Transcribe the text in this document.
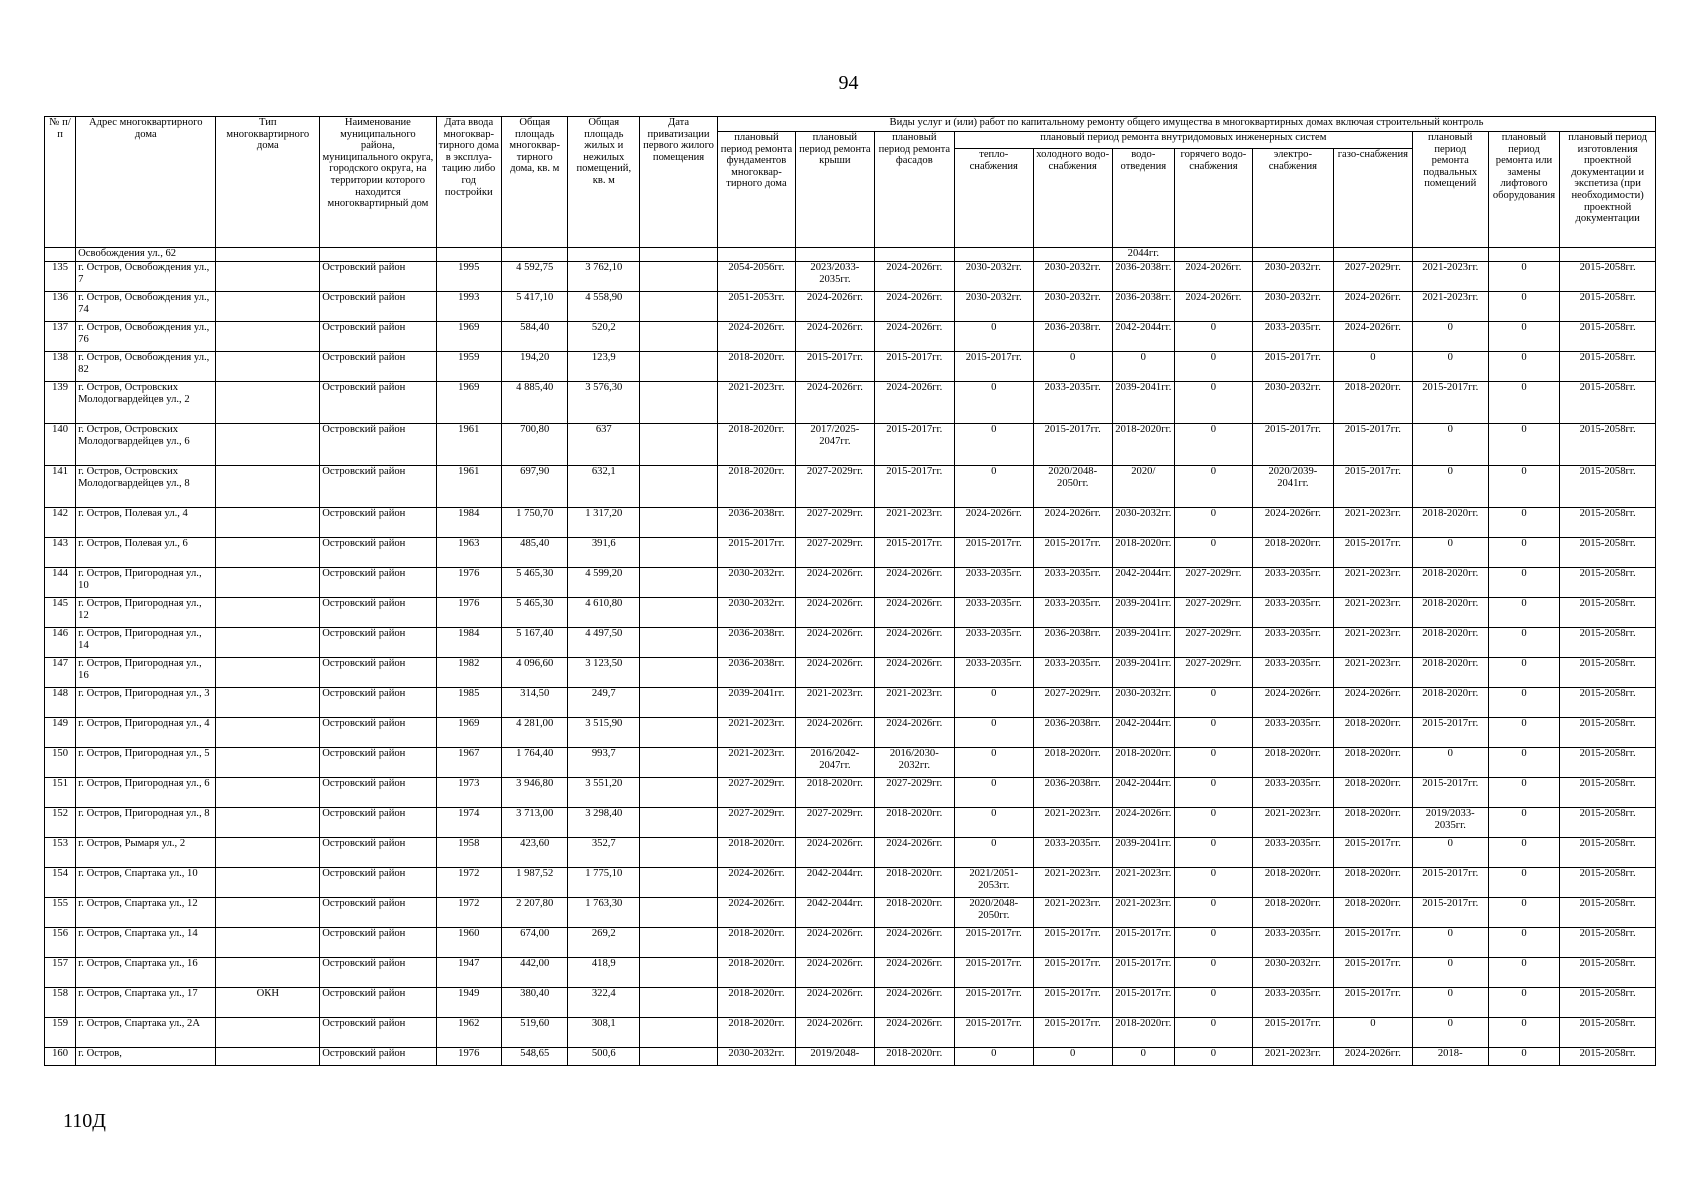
94
№ п/п	Адрес многоквартирного дома	Тип многоквартирного дома	Наименование муниципального района, муниципального округа, городского округа, на территории которого находится многоквартирный дом	Дата ввода многоквар-тирного дома в эксплуа-тацию либо год постройки	Общая площадь многоквар-тирного дома, кв. м	Общая площадь жилых и нежилых помещений, кв. м	Дата приватизации первого жилого помещения	Виды услуг и (или) работ по капитальному ремонту общего имущества в многоквартирных домах включая строительный контроль											
								плановый период ремонта фундаментов многоквар-тирного дома	плановый период ремонта крыши	плановый период ремонта фасадов	плановый период ремонта внутридомовых инженерных систем						плановый период ремонта подвальных помещений	плановый период ремонта или замены лифтового оборудования	плановый период изготовления проектной документации и экспетиза (при необходимости) проектной документации
											тепло-снабжения	холодного водо-снабжения	водо-отведения	горячего водо-снабжения	электро-снабжения	газо-снабжения			
	Освобождения ул., 62												2044гг.						
135	г. Остров, Освобождения ул., 7		Островский район	1995	4 592,75	3 762,10		2054-2056гг.	2023/2033-2035гг.	2024-2026гг.	2030-2032гг.	2030-2032гг.	2036-2038гг.	2024-2026гг.	2030-2032гг.	2027-2029гг.	2021-2023гг.	0	2015-2058гг.
136	г. Остров, Освобождения ул., 74		Островский район	1993	5 417,10	4 558,90		2051-2053гг.	2024-2026гг.	2024-2026гг.	2030-2032гг.	2030-2032гг.	2036-2038гг.	2024-2026гг.	2030-2032гг.	2024-2026гг.	2021-2023гг.	0	2015-2058гг.
137	г. Остров, Освобождения ул., 76		Островский район	1969	584,40	520,2		2024-2026гг.	2024-2026гг.	2024-2026гг.	0	2036-2038гг.	2042-2044гг.	0	2033-2035гг.	2024-2026гг.	0	0	2015-2058гг.
138	г. Остров, Освобождения ул., 82		Островский район	1959	194,20	123,9		2018-2020гг.	2015-2017гг.	2015-2017гг.	2015-2017гг.	0	0	0	2015-2017гг.	0	0	0	2015-2058гг.
139	г. Остров, Островских Молодогвардейцев ул., 2		Островский район	1969	4 885,40	3 576,30		2021-2023гг.	2024-2026гг.	2024-2026гг.	0	2033-2035гг.	2039-2041гг.	0	2030-2032гг.	2018-2020гг.	2015-2017гг.	0	2015-2058гг.
140	г. Остров, Островских Молодогвардейцев ул., 6		Островский район	1961	700,80	637		2018-2020гг.	2017/2025-2047гг.	2015-2017гг.	0	2015-2017гг.	2018-2020гг.	0	2015-2017гг.	2015-2017гг.	0	0	2015-2058гг.
141	г. Остров, Островских Молодогвардейцев ул., 8		Островский район	1961	697,90	632,1		2018-2020гг.	2027-2029гг.	2015-2017гг.	0	2020/2048-2050гг.	2020/	0	2020/2039-2041гг.	2015-2017гг.	0	0	2015-2058гг.
142	г. Остров, Полевая ул., 4		Островский район	1984	1 750,70	1 317,20		2036-2038гг.	2027-2029гг.	2021-2023гг.	2024-2026гг.	2024-2026гг.	2030-2032гг.	0	2024-2026гг.	2021-2023гг.	2018-2020гг.	0	2015-2058гг.
143	г. Остров, Полевая ул., 6		Островский район	1963	485,40	391,6		2015-2017гг.	2027-2029гг.	2015-2017гг.	2015-2017гг.	2015-2017гг.	2018-2020гг.	0	2018-2020гг.	2015-2017гг.	0	0	2015-2058гг.
144	г. Остров, Пригородная ул., 10		Островский район	1976	5 465,30	4 599,20		2030-2032гг.	2024-2026гг.	2024-2026гг.	2033-2035гг.	2033-2035гг.	2042-2044гг.	2027-2029гг.	2033-2035гг.	2021-2023гг.	2018-2020гг.	0	2015-2058гг.
145	г. Остров, Пригородная ул., 12		Островский район	1976	5 465,30	4 610,80		2030-2032гг.	2024-2026гг.	2024-2026гг.	2033-2035гг.	2033-2035гг.	2039-2041гг.	2027-2029гг.	2033-2035гг.	2021-2023гг.	2018-2020гг.	0	2015-2058гг.
146	г. Остров, Пригородная ул., 14		Островский район	1984	5 167,40	4 497,50		2036-2038гг.	2024-2026гг.	2024-2026гг.	2033-2035гг.	2036-2038гг.	2039-2041гг.	2027-2029гг.	2033-2035гг.	2021-2023гг.	2018-2020гг.	0	2015-2058гг.
147	г. Остров, Пригородная ул., 16		Островский район	1982	4 096,60	3 123,50		2036-2038гг.	2024-2026гг.	2024-2026гг.	2033-2035гг.	2033-2035гг.	2039-2041гг.	2027-2029гг.	2033-2035гг.	2021-2023гг.	2018-2020гг.	0	2015-2058гг.
148	г. Остров, Пригородная ул., 3		Островский район	1985	314,50	249,7		2039-2041гг.	2021-2023гг.	2021-2023гг.	0	2027-2029гг.	2030-2032гг.	0	2024-2026гг.	2024-2026гг.	2018-2020гг.	0	2015-2058гг.
149	г. Остров, Пригородная ул., 4		Островский район	1969	4 281,00	3 515,90		2021-2023гг.	2024-2026гг.	2024-2026гг.	0	2036-2038гг.	2042-2044гг.	0	2033-2035гг.	2018-2020гг.	2015-2017гг.	0	2015-2058гг.
150	г. Остров, Пригородная ул., 5		Островский район	1967	1 764,40	993,7		2021-2023гг.	2016/2042-2047гг.	2016/2030-2032гг.	0	2018-2020гг.	2018-2020гг.	0	2018-2020гг.	2018-2020гг.	0	0	2015-2058гг.
151	г. Остров, Пригородная ул., 6		Островский район	1973	3 946,80	3 551,20		2027-2029гг.	2018-2020гг.	2027-2029гг.	0	2036-2038гг.	2042-2044гг.	0	2033-2035гг.	2018-2020гг.	2015-2017гг.	0	2015-2058гг.
152	г. Остров, Пригородная ул., 8		Островский район	1974	3 713,00	3 298,40		2027-2029гг.	2027-2029гг.	2018-2020гг.	0	2021-2023гг.	2024-2026гг.	0	2021-2023гг.	2018-2020гг.	2019/2033-2035гг.	0	2015-2058гг.
153	г. Остров, Рымаря ул., 2		Островский район	1958	423,60	352,7		2018-2020гг.	2024-2026гг.	2024-2026гг.	0	2033-2035гг.	2039-2041гг.	0	2033-2035гг.	2015-2017гг.	0	0	2015-2058гг.
154	г. Остров, Спартака ул., 10		Островский район	1972	1 987,52	1 775,10		2024-2026гг.	2042-2044гг.	2018-2020гг.	2021/2051-2053гг.	2021-2023гг.	2021-2023гг.	0	2018-2020гг.	2018-2020гг.	2015-2017гг.	0	2015-2058гг.
155	г. Остров, Спартака ул., 12		Островский район	1972	2 207,80	1 763,30		2024-2026гг.	2042-2044гг.	2018-2020гг.	2020/2048-2050гг.	2021-2023гг.	2021-2023гг.	0	2018-2020гг.	2018-2020гг.	2015-2017гг.	0	2015-2058гг.
156	г. Остров, Спартака ул., 14		Островский район	1960	674,00	269,2		2018-2020гг.	2024-2026гг.	2024-2026гг.	2015-2017гг.	2015-2017гг.	2015-2017гг.	0	2033-2035гг.	2015-2017гг.	0	0	2015-2058гг.
157	г. Остров, Спартака ул., 16		Островский район	1947	442,00	418,9		2018-2020гг.	2024-2026гг.	2024-2026гг.	2015-2017гг.	2015-2017гг.	2015-2017гг.	0	2030-2032гг.	2015-2017гг.	0	0	2015-2058гг.
158	г. Остров, Спартака ул., 17	ОКН	Островский район	1949	380,40	322,4		2018-2020гг.	2024-2026гг.	2024-2026гг.	2015-2017гг.	2015-2017гг.	2015-2017гг.	0	2033-2035гг.	2015-2017гг.	0	0	2015-2058гг.
159	г. Остров, Спартака ул., 2А		Островский район	1962	519,60	308,1		2018-2020гг.	2024-2026гг.	2024-2026гг.	2015-2017гг.	2015-2017гг.	2018-2020гг.	0	2015-2017гг.	0	0	0	2015-2058гг.
160	г. Остров,		Островский район	1976	548,65	500,6		2030-2032гг.	2019/2048-	2018-2020гг.	0	0	0	0	2021-2023гг.	2024-2026гг.	2018-	0	2015-2058гг.
110Д
